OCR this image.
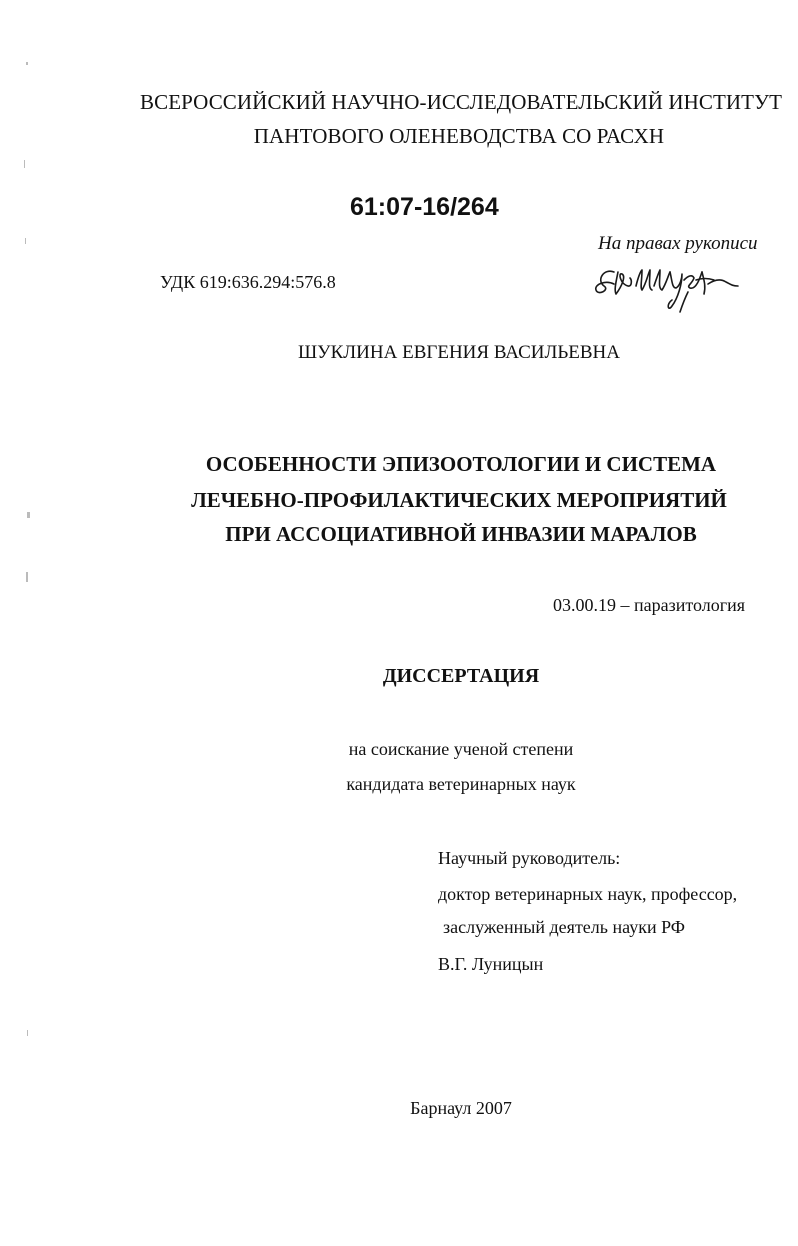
ВСЕРОССИЙСКИЙ НАУЧНО-ИССЛЕДОВАТЕЛЬСКИЙ ИНСТИТУТ
ПАНТОВОГО ОЛЕНЕВОДСТВА СО РАСХН
61:07-16/264
На правах рукописи
УДК 619:636.294:576.8
ШУКЛИНА ЕВГЕНИЯ ВАСИЛЬЕВНА
ОСОБЕННОСТИ ЭПИЗООТОЛОГИИ И СИСТЕМА
ЛЕЧЕБНО-ПРОФИЛАКТИЧЕСКИХ МЕРОПРИЯТИЙ
ПРИ АССОЦИАТИВНОЙ ИНВАЗИИ МАРАЛОВ
03.00.19 – паразитология
ДИССЕРТАЦИЯ
на соискание ученой степени
кандидата ветеринарных наук
Научный руководитель:
доктор ветеринарных наук, профессор,
заслуженный деятель науки РФ
В.Г. Луницын
Барнаул 2007
